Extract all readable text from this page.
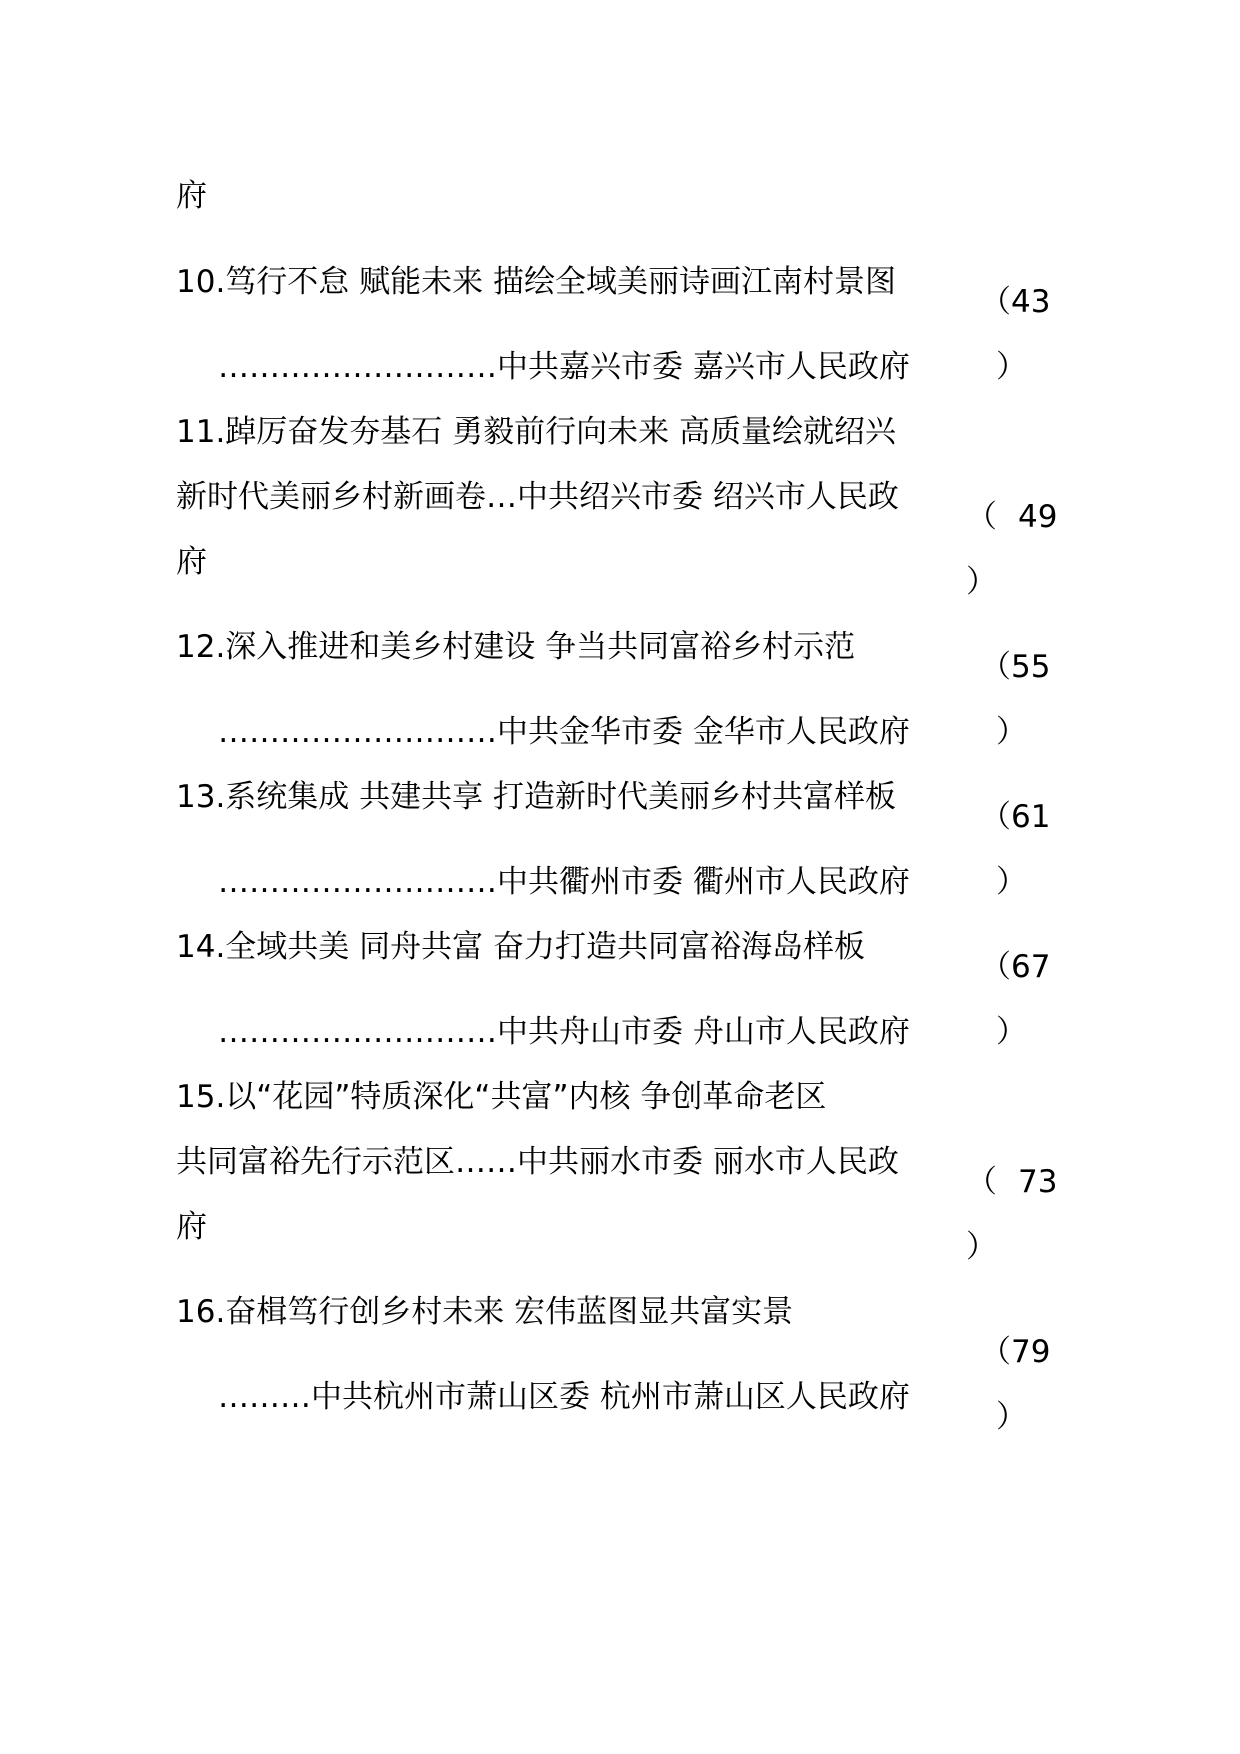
府
10.笃行不怠 赋能未来 描绘全域美丽诗画江南村景图
………………………中共嘉兴市委 嘉兴市人民政府
（43
）
11.踔厉奋发夯基石 勇毅前行向未来 高质量绘就绍兴
新时代美丽乡村新画卷…中共绍兴市委 绍兴市人民政
府
（ 49
）
12.深入推进和美乡村建设 争当共同富裕乡村示范
………………………中共金华市委 金华市人民政府
（55
）
13.系统集成 共建共享 打造新时代美丽乡村共富样板
………………………中共衢州市委 衢州市人民政府
（61
）
14.全域共美 同舟共富 奋力打造共同富裕海岛样板
………………………中共舟山市委 舟山市人民政府
（67
）
15.以“花园”特质深化“共富”内核 争创革命老区
共同富裕先行示范区……中共丽水市委 丽水市人民政
府
（ 73
）
16.奋楫笃行创乡村未来 宏伟蓝图显共富实景
………中共杭州市萧山区委 杭州市萧山区人民政府
（79
）
